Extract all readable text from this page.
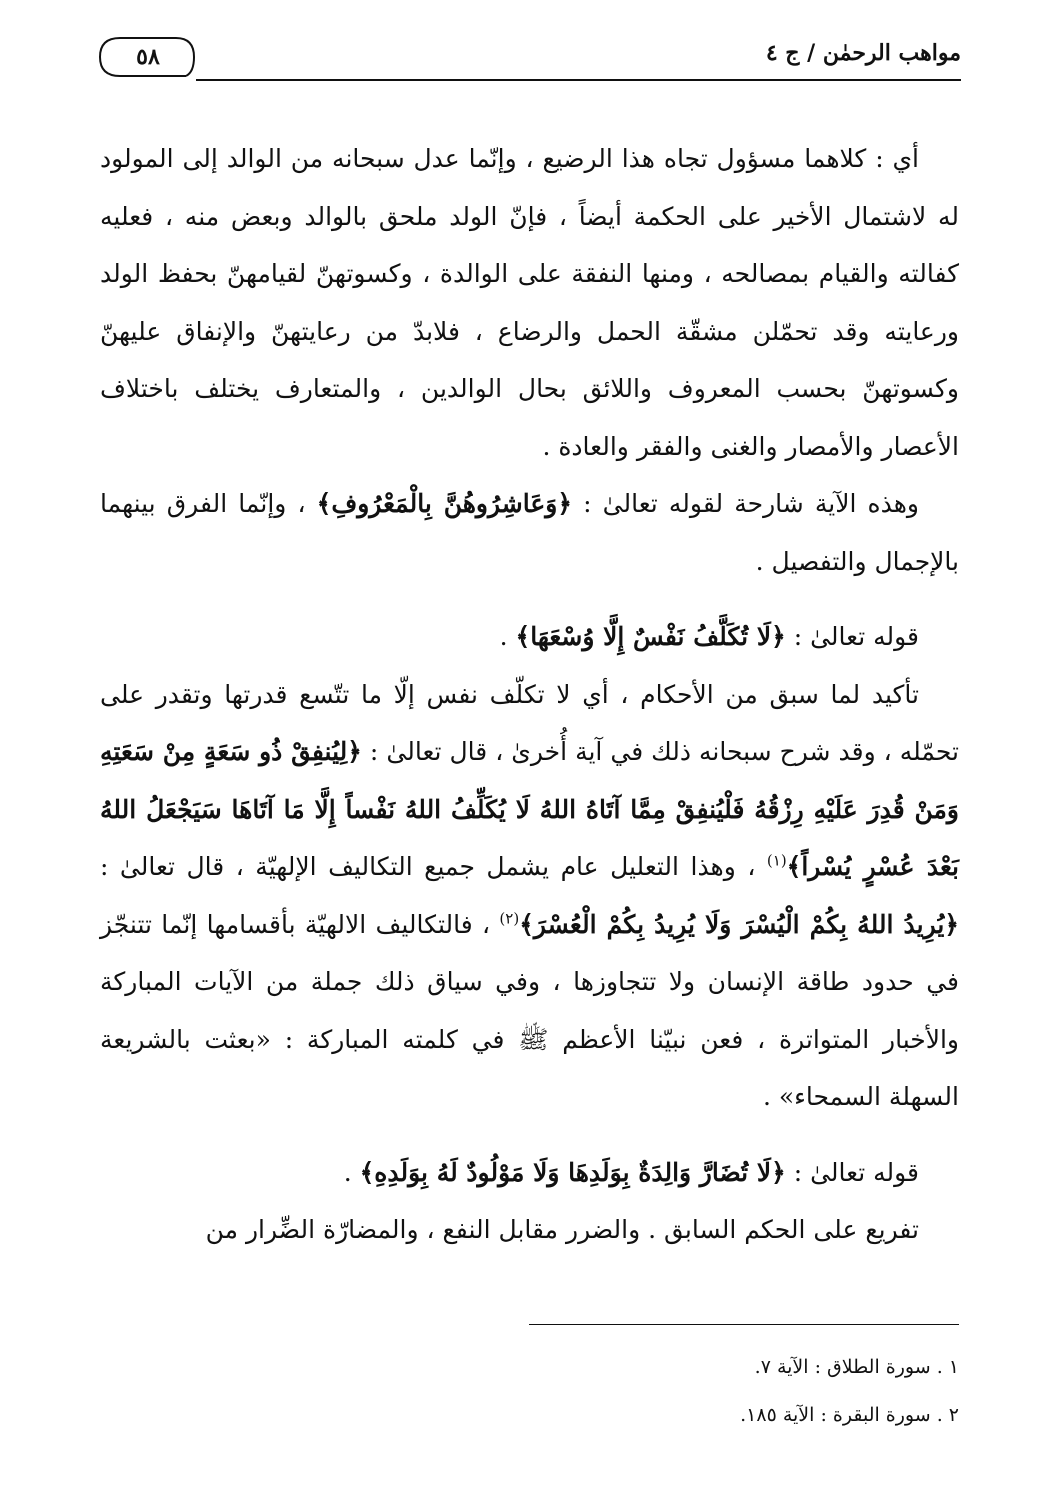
مواهب الرحمٰن / ج ٤
٥٨

أي : كلاهما مسؤول تجاه هذا الرضيع ، وإنّما عدل سبحانه من الوالد إلى المولود له لاشتمال الأخير على الحكمة أيضاً ، فإنّ الولد ملحق بالوالد وبعض منه ، فعليه كفالته والقيام بمصالحه ، ومنها النفقة على الوالدة ، وكسوتهنّ لقيامهنّ بحفظ الولد ورعايته وقد تحمّلن مشقّة الحمل والرضاع ، فلابدّ من رعايتهنّ والإنفاق عليهنّ وكسوتهنّ بحسب المعروف واللائق بحال الوالدين ، والمتعارف يختلف باختلاف الأعصار والأمصار والغنى والفقر والعادة .

وهذه الآية شارحة لقوله تعالىٰ : ﴿وَعَاشِرُوهُنَّ بِالْمَعْرُوفِ﴾ ، وإنّما الفرق بينهما بالإجمال والتفصيل .

قوله تعالىٰ : ﴿لَا تُكَلَّفُ نَفْسٌ إِلَّا وُسْعَهَا﴾ .

تأكيد لما سبق من الأحكام ، أي لا تكلّف نفس إلّا ما تتّسع قدرتها وتقدر على تحمّله ، وقد شرح سبحانه ذلك في آية أُخرىٰ ، قال تعالىٰ : ﴿لِيُنفِقْ ذُو سَعَةٍ مِنْ سَعَتِهِ وَمَنْ قُدِرَ عَلَيْهِ رِزْقُهُ فَلْيُنفِقْ مِمَّا آتَاهُ اللهُ لَا يُكَلِّفُ اللهُ نَفْساً إِلَّا مَا آتَاهَا سَيَجْعَلُ اللهُ بَعْدَ عُسْرٍ يُسْراً﴾$^{(١)}$ ، وهذا التعليل عام يشمل جميع التكاليف الإلهيّة ، قال تعالىٰ : ﴿يُرِيدُ اللهُ بِكُمْ الْيُسْرَ وَلَا يُرِيدُ بِكُمْ الْعُسْرَ﴾$^{(٢)}$ ، فالتكاليف الالهيّة بأقسامها إنّما تتنجّز في حدود طاقة الإنسان ولا تتجاوزها ، وفي سياق ذلك جملة من الآيات المباركة والأخبار المتواترة ، فعن نبيّنا الأعظم ﷺ في كلمته المباركة : «بعثت بالشريعة السهلة السمحاء» .

قوله تعالىٰ : ﴿لَا تُضَارَّ وَالِدَةٌ بِوَلَدِهَا وَلَا مَوْلُودٌ لَهُ بِوَلَدِهِ﴾ .

تفريع على الحكم السابق . والضرر مقابل النفع ، والمضارّة الضِّرار من

١ . سورة الطلاق : الآية ٧.

٢ . سورة البقرة : الآية ١٨٥.
